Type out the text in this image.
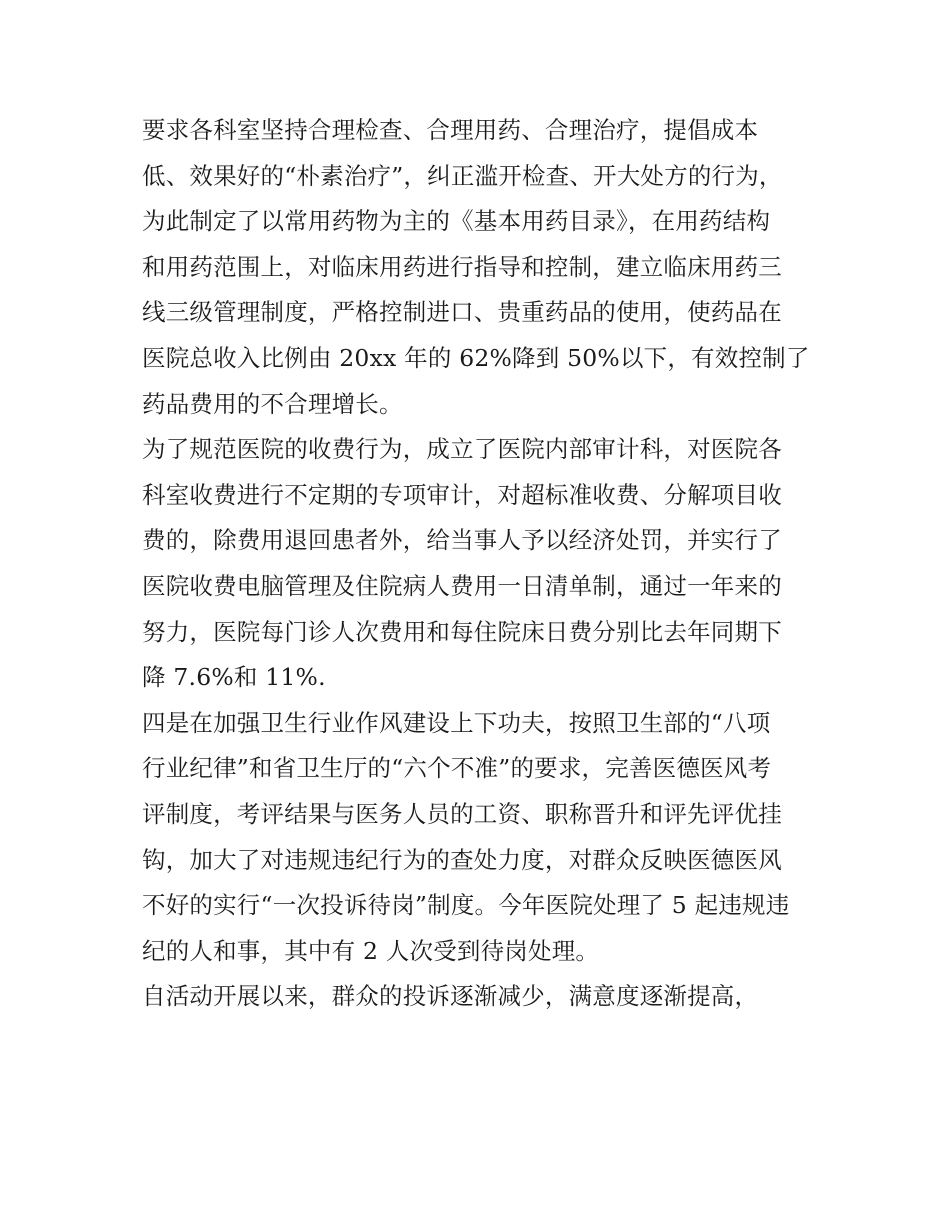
要求各科室坚持合理检查、合理用药、合理治疗，提倡成本
低、效果好的“朴素治疗”，纠正滥开检查、开大处方的行为，
为此制定了以常用药物为主的《基本用药目录》，在用药结构
和用药范围上，对临床用药进行指导和控制，建立临床用药三
线三级管理制度，严格控制进口、贵重药品的使用，使药品在
医院总收入比例由 20xx 年的 62%降到 50%以下，有效控制了
药品费用的不合理增长。
为了规范医院的收费行为，成立了医院内部审计科，对医院各
科室收费进行不定期的专项审计，对超标准收费、分解项目收
费的，除费用退回患者外，给当事人予以经济处罚，并实行了
医院收费电脑管理及住院病人费用一日清单制，通过一年来的
努力，医院每门诊人次费用和每住院床日费分别比去年同期下
降 7.6%和 11%.
四是在加强卫生行业作风建设上下功夫，按照卫生部的“八项
行业纪律”和省卫生厅的“六个不准”的要求，完善医德医风考
评制度，考评结果与医务人员的工资、职称晋升和评先评优挂
钩，加大了对违规违纪行为的查处力度，对群众反映医德医风
不好的实行“一次投诉待岗”制度。今年医院处理了 5 起违规违
纪的人和事，其中有 2 人次受到待岗处理。
自活动开展以来，群众的投诉逐渐减少，满意度逐渐提高，
